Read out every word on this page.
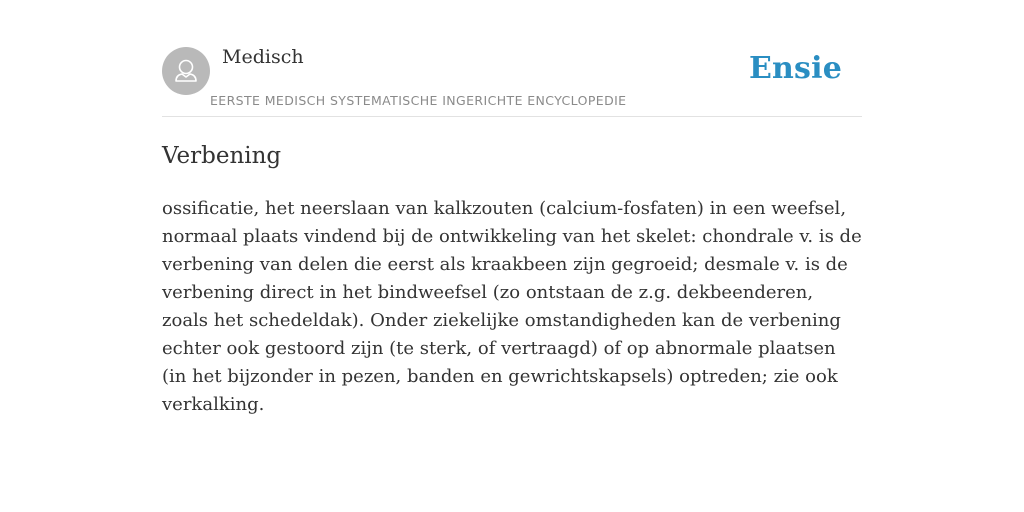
Medisch
EERSTE MEDISCH SYSTEMATISCHE INGERICHTE ENCYCLOPEDIE
Ensie
Verbening

ossificatie, het neerslaan van kalkzouten (calcium-fosfaten) in een weefsel, normaal plaats vindend bij de ontwikkeling van het skelet: chondrale v. is de verbening van delen die eerst als kraakbeen zijn gegroeid; desmale v. is de verbening direct in het bindweefsel (zo ontstaan de z.g. dekbeenderen, zoals het schedeldak). Onder ziekelijke omstandigheden kan de verbening echter ook gestoord zijn (te sterk, of vertraagd) of op abnormale plaatsen (in het bijzonder in pezen, banden en gewrichtskapsels) optreden; zie ook verkalking.
